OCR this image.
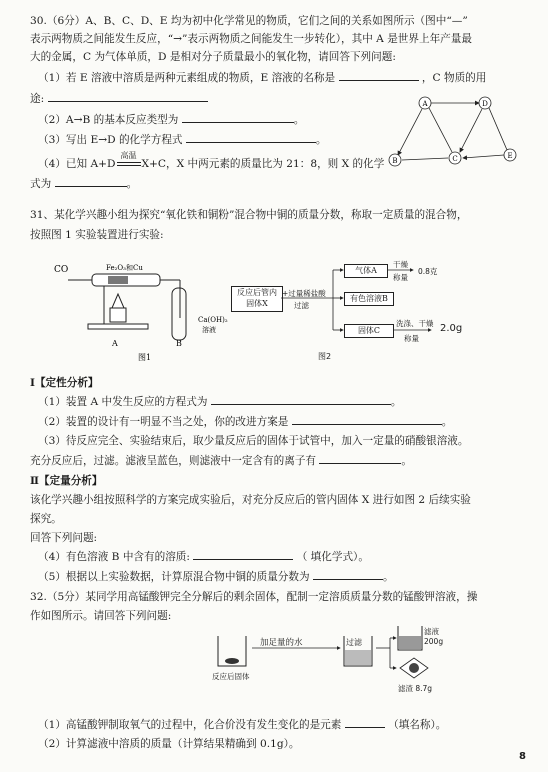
30.（6分）A、B、C、D、E 均为初中化学常见的物质，它们之间的关系如图所示（图中“—”
表示两物质之间能发生反应，“→”表示两物质之间能发生一步转化），其中 A 是世界上年产量最
大的金属，C 为气体单质，D 是相对分子质量最小的氧化物，请回答下列问题:
（1）若 E 溶液中溶质是两种元素组成的物质，E 溶液的名称是	，C 物质的用
途:
（2）A→B 的基本反应类型为	。
（3）写出 E→D 的化学方程式	。
（4）已知 A+D
高温
X+C，X 中两元素的质量比为 21：8，则 X 的化学
式为	。
A	D
B	C	E
31、某化学兴趣小组为探究“氧化铁和铜粉”混合物中铜的质量分数，称取一定质量的混合物，
按照图 1 实验装置进行实验:
CO	Fe₂O₃和Cu
Ca(OH)₂
溶液
A	B
图1
反应后管内
固体X
+过量稀盐酸
过滤
气体A
干燥
称量
0.8克
有色溶液B
固体C
洗涤、干燥
称量
2.0g
图2
Ⅰ【定性分析】
（1）装置 A 中发生反应的方程式为	。
（2）装置的设计有一明显不当之处，你的改进方案是	。
（3）待反应完全、实验结束后，取少量反应后的固体于试管中，加入一定量的硝酸银溶液。
充分反应后，过滤。滤液呈蓝色，则滤液中一定含有的离子有	。
Ⅱ【定量分析】
该化学兴趣小组按照科学的方案完成实验后，对充分反应后的管内固体 X 进行如图 2 后续实验
探究。
回答下列问题:
（4）有色溶液 B 中含有的溶质:	（ 填化学式）。
（5）根据以上实验数据，计算原混合物中铜的质量分数为	。
32.（5分）某同学用高锰酸钾完全分解后的剩余固体，配制一定溶质质量分数的锰酸钾溶液，操
作如图所示。请回答下列问题:
加足量的水	过滤
滤液
200g
反应后固体
滤渣 8.7g
（1）高锰酸钾制取氧气的过程中，化合价没有发生变化的是元素	（填名称）。
（2）计算滤液中溶质的质量（计算结果精确到 0.1g）。
8
